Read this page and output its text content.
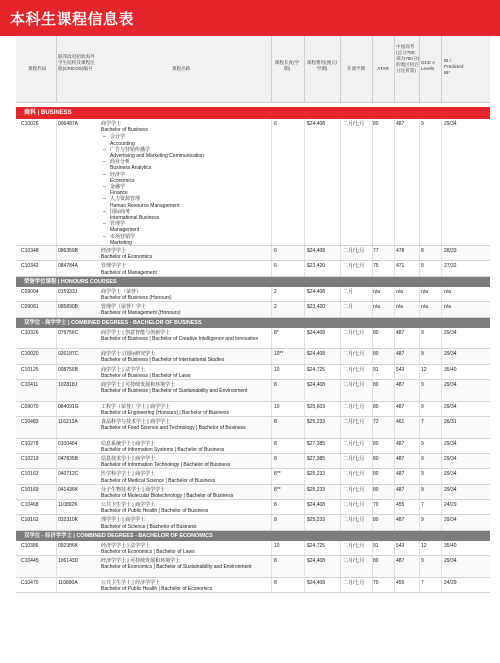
本科生课程信息表
课程代码
联邦政府招收海外学生院校及课程注册(CRICOS)编号	课程名称
课程长度(学期)
课程费用(澳元/学期)	开课学期	ATAR
中国高考(总分750,部为750分)的地区权百分比折算)
GCE A Levels
IB / Predicted IB*
商科 | BUSINESS
C10026	006487A	6	$24,408	二月/七月	80	487	9	29/34
商学学士
Bachelor of Business
– 会计学
Accounting
– 广告与营销传播学
Advertising and Marketing Communication
– 商业分析
Business Analytics
– 经济学
Economics
– 金融学
Finance
– 人力资源管理
Human Resource Management
– 国际商务
International Business
– 管理学
Management
– 市场营销学
Marketing
C10348	086359B	6	$24,408	二月/七月	77	478	8	28/33
经济学学士
Bachelor of Economics
C10342	084784A	6	$23,420	二月/七月	75	471	8	27/32
管理学学士
Bachelor of Management
荣誉学位课程 | HONOURS COURSES
C09004	015933J	2	$24,408	二月	n/a	n/a	n/a	n/a
商学学士（荣誉）
Bachelor of Business (Honours)
C09081	085890B	2	$23,420	二月	n/a	n/a	n/a	n/a
管理学（荣誉）学士
Bachelor of Management (Honours)
双学位 - 商学学士 | COMBINED DEGREES - BACHELOR OF BUSINESS
C10326	079756C	8*	$24,408	二月/七月	80	487	9	29/34
商学学士 | 创意智能与创新学士
Bachelor of Business | Bachelor of Creative Intelligence and Innovation
C10020	026187C	10**	$24,408	二月/七月	80	487	9	29/34
商学学士 | 国际研究学士
Bachelor of Business | Bachelor of International Studies
C10125	008756B	10	$24,725	二月/七月	91	543	12	35/40
商学学士 | 法学学士
Bachelor of Business | Bachelor of Laws
C10411	102818J	8	$24,408	二月/七月	80	487	9	29/34
商学学士 | 可持续发展和环境学士
Bachelor of Business | Bachelor of Sustainability and Environment
C09070	084091G	10	$25,603	二月/七月	80	487	9	29/34
工程学（荣誉）学士 | 商学学士
Bachelor of Engineering (Honours) | Bachelor of Business
C10483	116213A	8	$25,233	二月/七月	72	461	7	26/31
食品科学与技术学士 | 商学学士
Bachelor of Food Science and Technology | Bachelor of Business
C10278	0100484	8	$27,385	二月/七月	80	487	9	29/34
信息系统学士 | 商学学士
Bachelor of Information Systems | Bachelor of Business
C10219	047835B	8	$27,385	二月/七月	80	487	9	29/34
信息技术学士 | 商学学士
Bachelor of Information Technology | Bachelor of Business
C10163	040712C	8**	$25,233	二月/七月	80	487	9	29/34
医学科学学士 | 商学学士
Bachelor of Medical Science | Bachelor of Business
C10169	041436K	8**	$25,233	二月/七月	80	487	9	29/34
分子生物技术学士 | 商学学士
Bachelor of Molecular Biotechnology | Bachelor of Business
C10468	110892K	8	$24,408	二月/七月	70	455	7	24/29
公共卫生学士 | 商学学士
Bachelor of Public Health | Bachelor of Business
C10162	032310K	8	$25,233	二月/七月	80	487	9	29/34
理学学士 | 商学学士
Bachelor of Science | Bachelor of Business
双学位 - 经济学学士 | COMBINED DEGREES - BACHELOR OF ECONOMICS
C10386	092386K	10	$24,725	二月/七月	91	543	12	35/40
经济学学士 | 法学学士
Bachelor of Economics | Bachelor of Laws
C10445	106143D	8	$24,408	二月/七月	80	487	9	29/34
经济学学士 | 可持续发展和环境学士
Bachelor of Economics | Bachelor of Sustainability and Environment
C10470	110890A	8	$24,408	二月/七月	70	455	7	24/29
公共卫生学士 | 经济学学士
Bachelor of Public Health | Bachelor of Economics
